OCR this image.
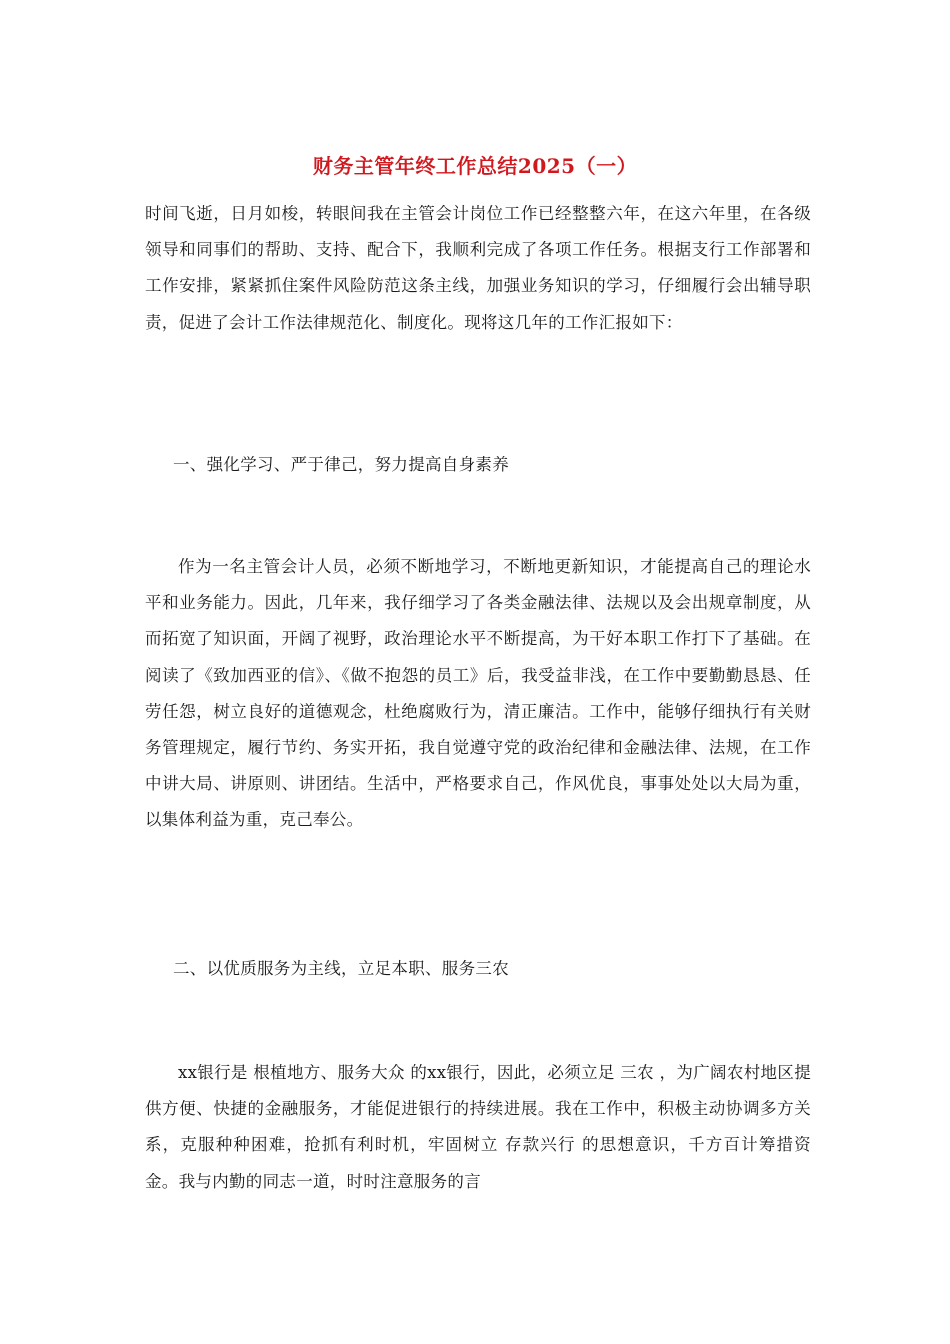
财务主管年终工作总结2025（一）

时间飞逝，日月如梭，转眼间我在主管会计岗位工作已经整整六年，在这六年里，在各级领导和同事们的帮助、支持、配合下，我顺利完成了各项工作任务。根据支行工作部署和工作安排，紧紧抓住案件风险防范这条主线，加强业务知识的学习，仔细履行会出辅导职责，促进了会计工作法律规范化、制度化。现将这几年的工作汇报如下：

一、强化学习、严于律己，努力提高自身素养

作为一名主管会计人员，必须不断地学习，不断地更新知识，才能提高自己的理论水平和业务能力。因此，几年来，我仔细学习了各类金融法律、法规以及会出规章制度，从而拓宽了知识面，开阔了视野，政治理论水平不断提高，为干好本职工作打下了基础。在阅读了《致加西亚的信》、《做不抱怨的员工》后，我受益非浅，在工作中要勤勤恳恳、任劳任怨，树立良好的道德观念，杜绝腐败行为，清正廉洁。工作中，能够仔细执行有关财务管理规定，履行节约、务实开拓，我自觉遵守党的政治纪律和金融法律、法规，在工作中讲大局、讲原则、讲团结。生活中，严格要求自己，作风优良，事事处处以大局为重，以集体利益为重，克己奉公。

二、以优质服务为主线，立足本职、服务三农

xx银行是 根植地方、服务大众 的xx银行，因此，必须立足 三农 ，为广阔农村地区提供方便、快捷的金融服务，才能促进银行的持续进展。我在工作中，积极主动协调多方关系，克服种种困难，抢抓有利时机，牢固树立 存款兴行 的思想意识，千方百计筹措资金。我与内勤的同志一道，时时注意服务的言
